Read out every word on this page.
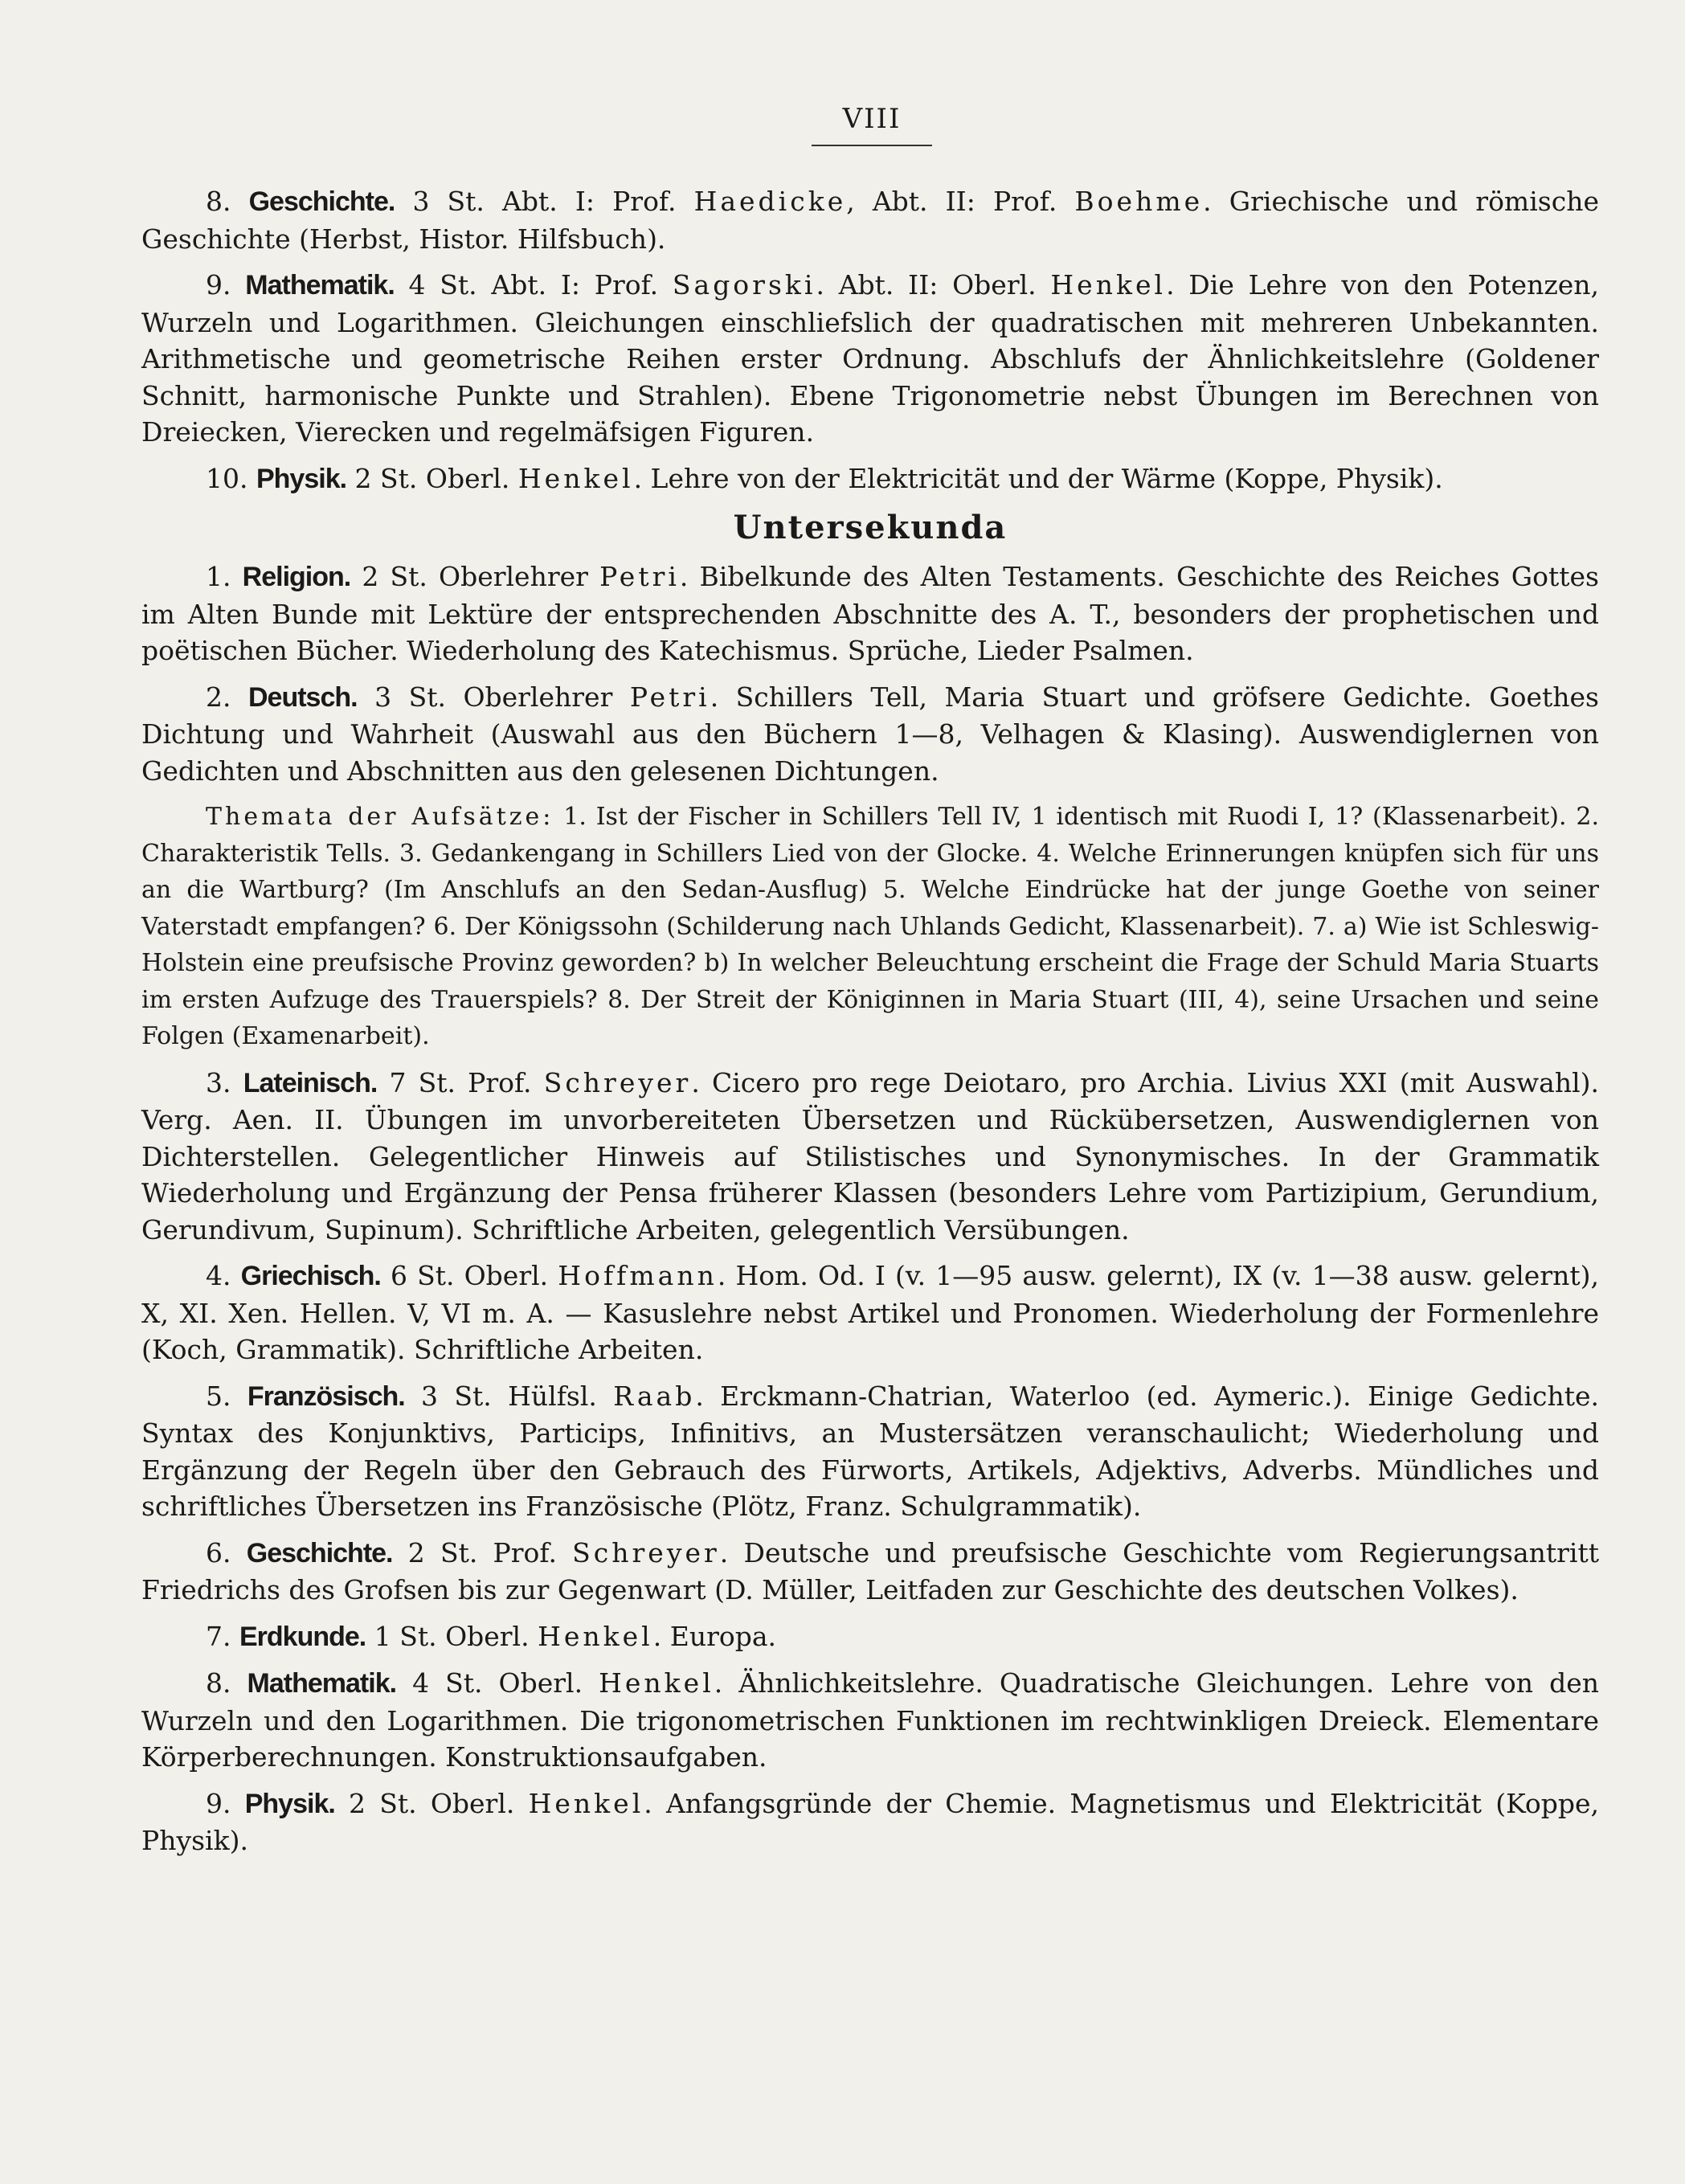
VIII

8. Geschichte. 3 St. Abt. I: Prof. Haedicke, Abt. II: Prof. Boehme. Griechische und römische Geschichte (Herbst, Histor. Hilfsbuch).

9. Mathematik. 4 St. Abt. I: Prof. Sagorski. Abt. II: Oberl. Henkel. Die Lehre von den Potenzen, Wurzeln und Logarithmen. Gleichungen einschliefslich der quadratischen mit mehreren Unbekannten. Arithmetische und geometrische Reihen erster Ordnung. Abschlufs der Ähnlichkeitslehre (Goldener Schnitt, harmonische Punkte und Strahlen). Ebene Trigonometrie nebst Übungen im Berechnen von Dreiecken, Vierecken und regelmäfsigen Figuren.

10. Physik. 2 St. Oberl. Henkel. Lehre von der Elektricität und der Wärme (Koppe, Physik).

Untersekunda

1. Religion. 2 St. Oberlehrer Petri. Bibelkunde des Alten Testaments. Geschichte des Reiches Gottes im Alten Bunde mit Lektüre der entsprechenden Abschnitte des A. T., besonders der prophetischen und poëtischen Bücher. Wiederholung des Katechismus. Sprüche, Lieder Psalmen.

2. Deutsch. 3 St. Oberlehrer Petri. Schillers Tell, Maria Stuart und gröfsere Gedichte. Goethes Dichtung und Wahrheit (Auswahl aus den Büchern 1—8, Velhagen & Klasing). Auswendiglernen von Gedichten und Abschnitten aus den gelesenen Dichtungen.

Themata der Aufsätze: 1. Ist der Fischer in Schillers Tell IV, 1 identisch mit Ruodi I, 1? (Klassenarbeit). 2. Charakteristik Tells. 3. Gedankengang in Schillers Lied von der Glocke. 4. Welche Erinnerungen knüpfen sich für uns an die Wartburg? (Im Anschlufs an den Sedan-Ausflug) 5. Welche Eindrücke hat der junge Goethe von seiner Vaterstadt empfangen? 6. Der Königssohn (Schilderung nach Uhlands Gedicht, Klassenarbeit). 7. a) Wie ist Schleswig-Holstein eine preufsische Provinz geworden? b) In welcher Beleuchtung erscheint die Frage der Schuld Maria Stuarts im ersten Aufzuge des Trauerspiels? 8. Der Streit der Königinnen in Maria Stuart (III, 4), seine Ursachen und seine Folgen (Examenarbeit).

3. Lateinisch. 7 St. Prof. Schreyer. Cicero pro rege Deiotaro, pro Archia. Livius XXI (mit Auswahl). Verg. Aen. II. Übungen im unvorbereiteten Übersetzen und Rückübersetzen, Auswendiglernen von Dichterstellen. Gelegentlicher Hinweis auf Stilistisches und Synonymisches. In der Grammatik Wiederholung und Ergänzung der Pensa früherer Klassen (besonders Lehre vom Partizipium, Gerundium, Gerundivum, Supinum). Schriftliche Arbeiten, gelegentlich Versübungen.

4. Griechisch. 6 St. Oberl. Hoffmann. Hom. Od. I (v. 1—95 ausw. gelernt), IX (v. 1—38 ausw. gelernt), X, XI. Xen. Hellen. V, VI m. A. — Kasuslehre nebst Artikel und Pronomen. Wiederholung der Formenlehre (Koch, Grammatik). Schriftliche Arbeiten.

5. Französisch. 3 St. Hülfsl. Raab. Erckmann-Chatrian, Waterloo (ed. Aymeric.). Einige Gedichte. Syntax des Konjunktivs, Particips, Infinitivs, an Mustersätzen veranschaulicht; Wiederholung und Ergänzung der Regeln über den Gebrauch des Fürworts, Artikels, Adjektivs, Adverbs. Mündliches und schriftliches Übersetzen ins Französische (Plötz, Franz. Schulgrammatik).

6. Geschichte. 2 St. Prof. Schreyer. Deutsche und preufsische Geschichte vom Regierungsantritt Friedrichs des Grofsen bis zur Gegenwart (D. Müller, Leitfaden zur Geschichte des deutschen Volkes).

7. Erdkunde. 1 St. Oberl. Henkel. Europa.

8. Mathematik. 4 St. Oberl. Henkel. Ähnlichkeitslehre. Quadratische Gleichungen. Lehre von den Wurzeln und den Logarithmen. Die trigonometrischen Funktionen im rechtwinkligen Dreieck. Elementare Körperberechnungen. Konstruktionsaufgaben.

9. Physik. 2 St. Oberl. Henkel. Anfangsgründe der Chemie. Magnetismus und Elektricität (Koppe, Physik).
